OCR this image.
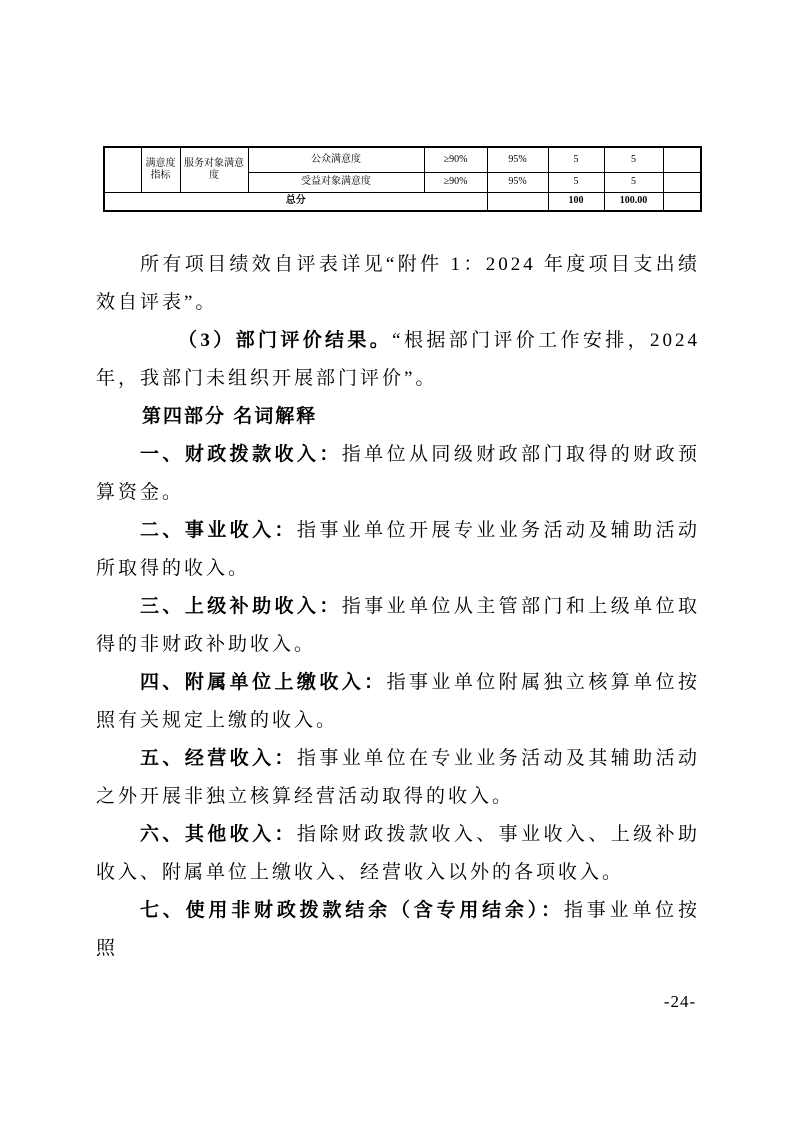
	满意度指标	服务对象满意度	公众满意度	≥90%	95%	5	5	
			受益对象满意度	≥90%	95%	5	5	
总分						100	100.00	

所有项目绩效自评表详见“附件 1：2024 年度项目支出绩效自评表”。

（3）部门评价结果。“根据部门评价工作安排，2024 年，我部门未组织开展部门评价”。

第四部分 名词解释

一、财政拨款收入：指单位从同级财政部门取得的财政预算资金。

二、事业收入：指事业单位开展专业业务活动及辅助活动所取得的收入。

三、上级补助收入：指事业单位从主管部门和上级单位取得的非财政补助收入。

四、附属单位上缴收入：指事业单位附属独立核算单位按照有关规定上缴的收入。

五、经营收入：指事业单位在专业业务活动及其辅助活动之外开展非独立核算经营活动取得的收入。

六、其他收入：指除财政拨款收入、事业收入、上级补助收入、附属单位上缴收入、经营收入以外的各项收入。

七、使用非财政拨款结余（含专用结余）：指事业单位按照

-24-
